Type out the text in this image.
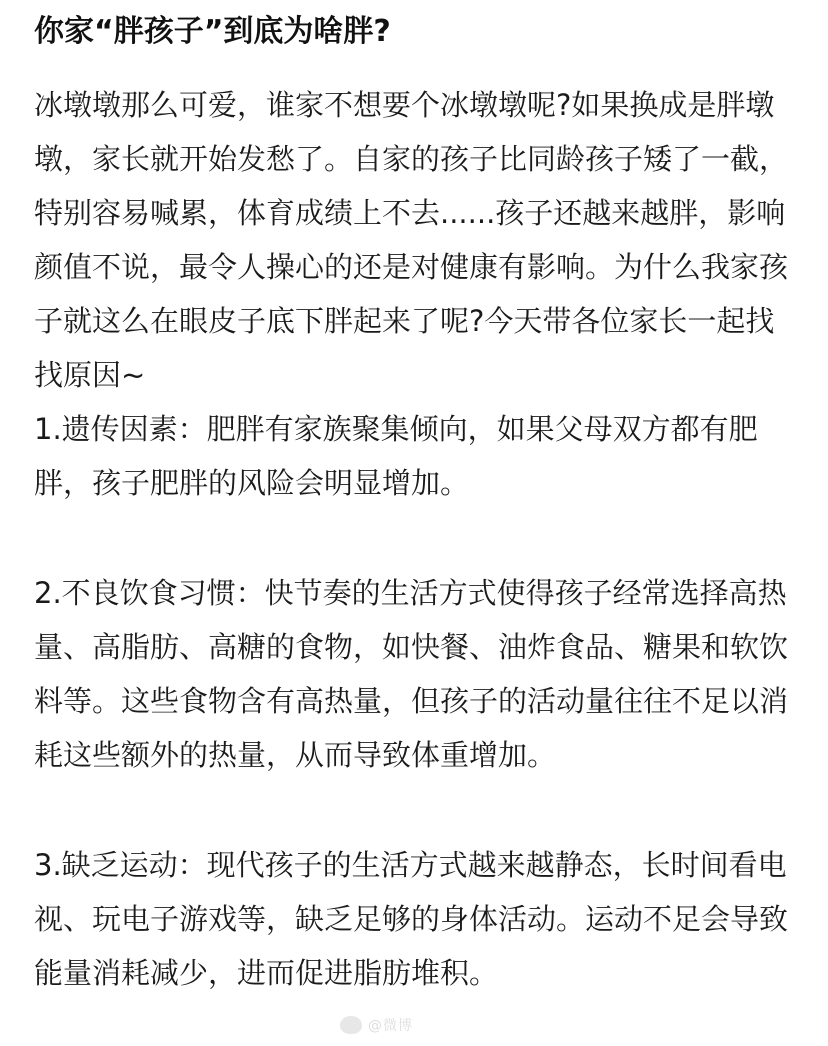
你家“胖孩子”到底为啥胖?

冰墩墩那么可爱，谁家不想要个冰墩墩呢?如果换成是胖墩墩，家长就开始发愁了。自家的孩子比同龄孩子矮了一截，特别容易喊累，体育成绩上不去......孩子还越来越胖，影响颜值不说，最令人操心的还是对健康有影响。为什么我家孩子就这么在眼皮子底下胖起来了呢?今天带各位家长一起找找原因~

1.遗传因素：肥胖有家族聚集倾向，如果父母双方都有肥胖，孩子肥胖的风险会明显增加。

2.不良饮食习惯：快节奏的生活方式使得孩子经常选择高热量、高脂肪、高糖的食物，如快餐、油炸食品、糖果和软饮料等。这些食物含有高热量，但孩子的活动量往往不足以消耗这些额外的热量，从而导致体重增加。

3.缺乏运动：现代孩子的生活方式越来越静态，长时间看电视、玩电子游戏等，缺乏足够的身体活动。运动不足会导致能量消耗减少，进而促进脂肪堆积。

@微博
